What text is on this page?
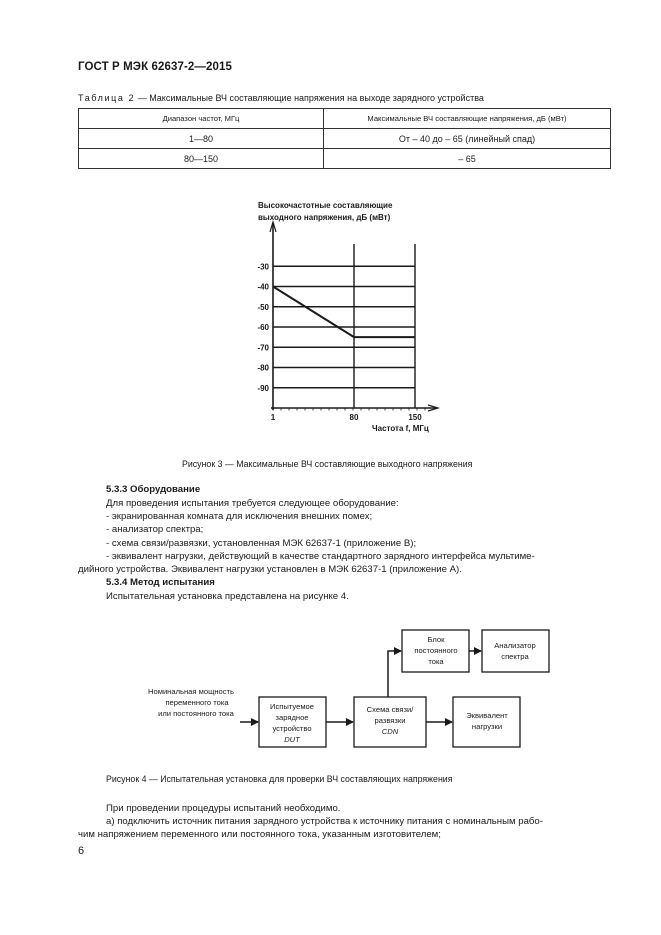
ГОСТ Р МЭК 62637-2—2015
Таблица 2 — Максимальные ВЧ составляющие напряжения на выходе зарядного устройства
Диапазон частот, МГц	Максимальные ВЧ составляющие напряжения, дБ (мВт)
1—80	От – 40 до – 65 (линейный спад)
80—150	– 65
Высокочастотные составляющие
выходного напряжения, дБ (мВт)
-30
-40
-50
-60
-70
-80
-90
1	80	150
Частота f, МГц
Рисунок 3 — Максимальные ВЧ составляющие выходного напряжения
5.3.3 Оборудование
Для проведения испытания требуется следующее оборудование:
- экранированная комната для исключения внешних помех;
- анализатор спектра;
- схема связи/развязки, установленная МЭК 62637-1 (приложение В);
- эквивалент нагрузки, действующий в качестве стандартного зарядного интерфейса мультиме-
дийного устройства. Эквивалент нагрузки установлен в МЭК 62637-1 (приложение А).
5.3.4 Метод испытания
Испытательная установка представлена на рисунке 4.
Номинальная мощность
переменного тока
или постоянного тока
Испытуемое
зарядное
устройство
DUT
Схема связи/
развязки
CDN
Эквивалент
нагрузки
Блок
постоянного
тока
Анализатор
спектра
Рисунок 4 — Испытательная установка для проверки ВЧ составляющих напряжения
При проведении процедуры испытаний необходимо.
а) подключить источник питания зарядного устройства к источнику питания с номинальным рабо-
чим напряжением переменного или постоянного тока, указанным изготовителем;
6
